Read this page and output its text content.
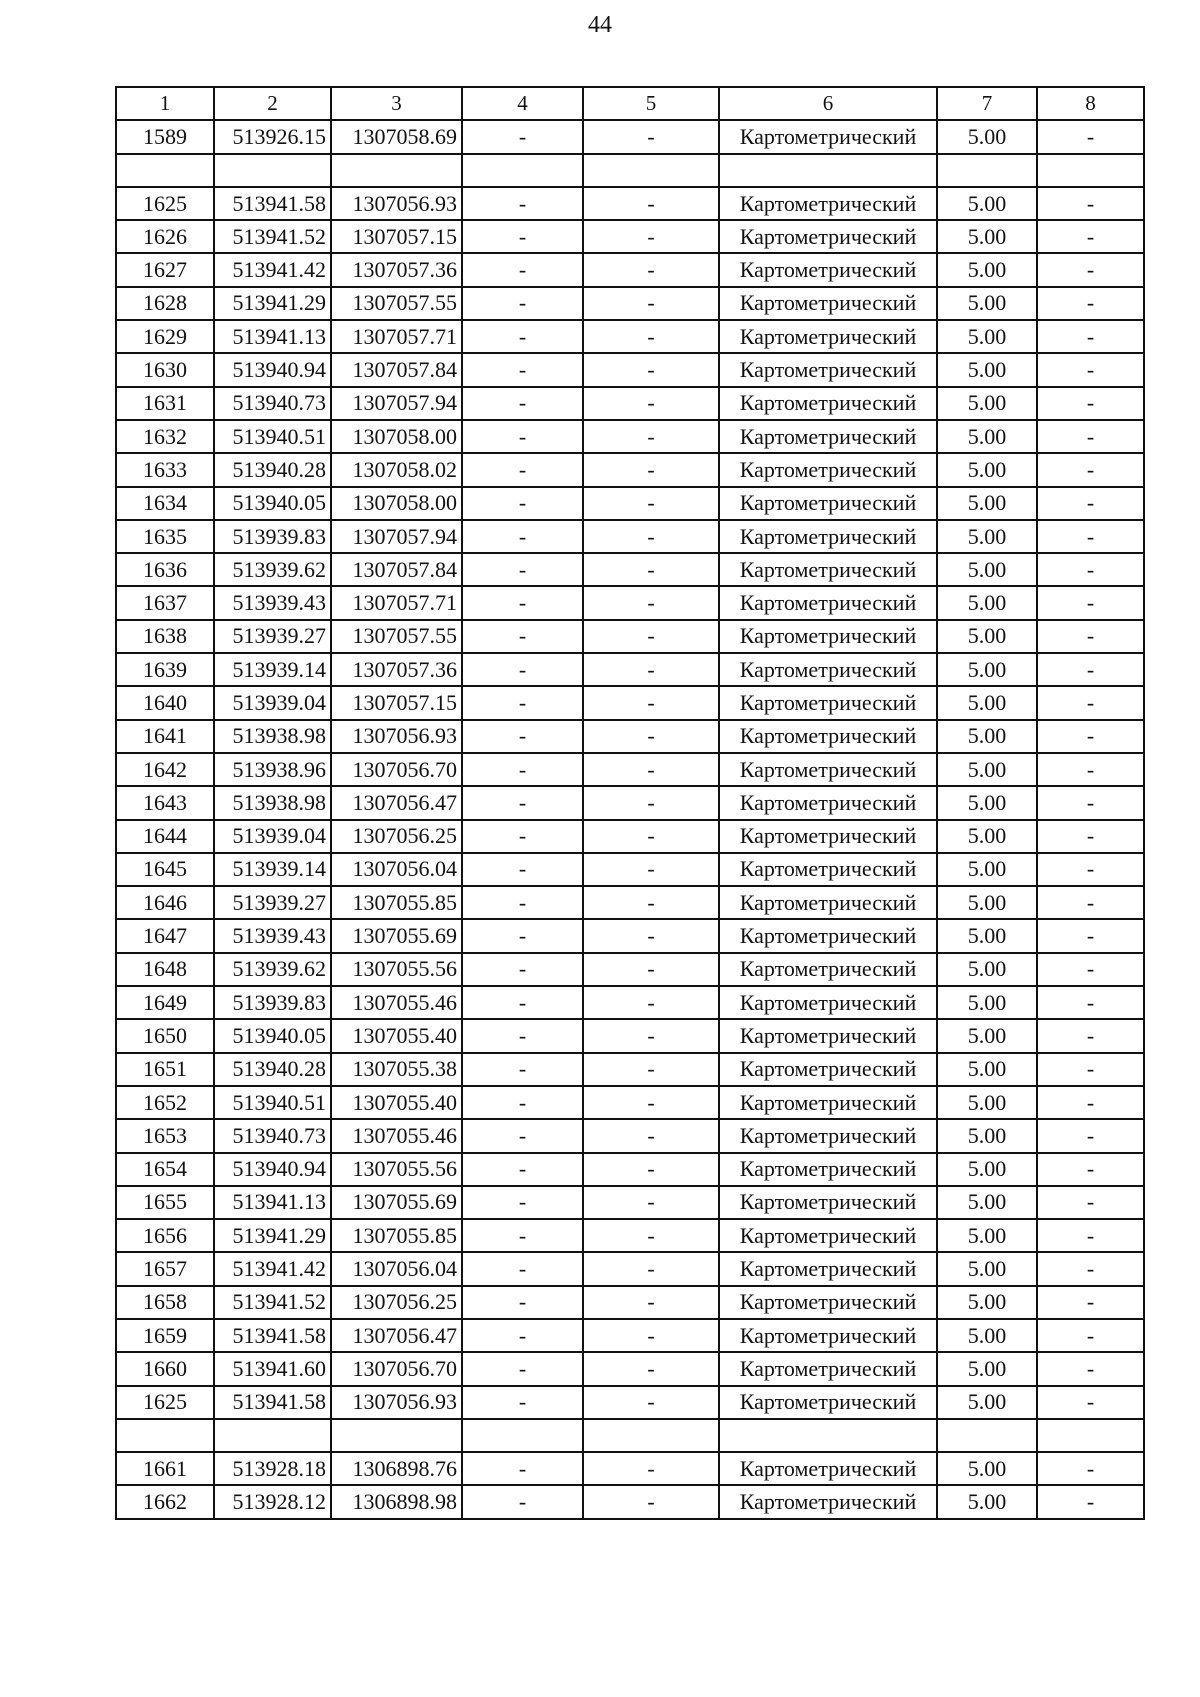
44
1	2	3	4	5	6	7	8
1589	513926.15	1307058.69	-	-	Картометрический	5.00	-

1625	513941.58	1307056.93	-	-	Картометрический	5.00	-
1626	513941.52	1307057.15	-	-	Картометрический	5.00	-
1627	513941.42	1307057.36	-	-	Картометрический	5.00	-
1628	513941.29	1307057.55	-	-	Картометрический	5.00	-
1629	513941.13	1307057.71	-	-	Картометрический	5.00	-
1630	513940.94	1307057.84	-	-	Картометрический	5.00	-
1631	513940.73	1307057.94	-	-	Картометрический	5.00	-
1632	513940.51	1307058.00	-	-	Картометрический	5.00	-
1633	513940.28	1307058.02	-	-	Картометрический	5.00	-
1634	513940.05	1307058.00	-	-	Картометрический	5.00	-
1635	513939.83	1307057.94	-	-	Картометрический	5.00	-
1636	513939.62	1307057.84	-	-	Картометрический	5.00	-
1637	513939.43	1307057.71	-	-	Картометрический	5.00	-
1638	513939.27	1307057.55	-	-	Картометрический	5.00	-
1639	513939.14	1307057.36	-	-	Картометрический	5.00	-
1640	513939.04	1307057.15	-	-	Картометрический	5.00	-
1641	513938.98	1307056.93	-	-	Картометрический	5.00	-
1642	513938.96	1307056.70	-	-	Картометрический	5.00	-
1643	513938.98	1307056.47	-	-	Картометрический	5.00	-
1644	513939.04	1307056.25	-	-	Картометрический	5.00	-
1645	513939.14	1307056.04	-	-	Картометрический	5.00	-
1646	513939.27	1307055.85	-	-	Картометрический	5.00	-
1647	513939.43	1307055.69	-	-	Картометрический	5.00	-
1648	513939.62	1307055.56	-	-	Картометрический	5.00	-
1649	513939.83	1307055.46	-	-	Картометрический	5.00	-
1650	513940.05	1307055.40	-	-	Картометрический	5.00	-
1651	513940.28	1307055.38	-	-	Картометрический	5.00	-
1652	513940.51	1307055.40	-	-	Картометрический	5.00	-
1653	513940.73	1307055.46	-	-	Картометрический	5.00	-
1654	513940.94	1307055.56	-	-	Картометрический	5.00	-
1655	513941.13	1307055.69	-	-	Картометрический	5.00	-
1656	513941.29	1307055.85	-	-	Картометрический	5.00	-
1657	513941.42	1307056.04	-	-	Картометрический	5.00	-
1658	513941.52	1307056.25	-	-	Картометрический	5.00	-
1659	513941.58	1307056.47	-	-	Картометрический	5.00	-
1660	513941.60	1307056.70	-	-	Картометрический	5.00	-
1625	513941.58	1307056.93	-	-	Картометрический	5.00	-

1661	513928.18	1306898.76	-	-	Картометрический	5.00	-
1662	513928.12	1306898.98	-	-	Картометрический	5.00	-
